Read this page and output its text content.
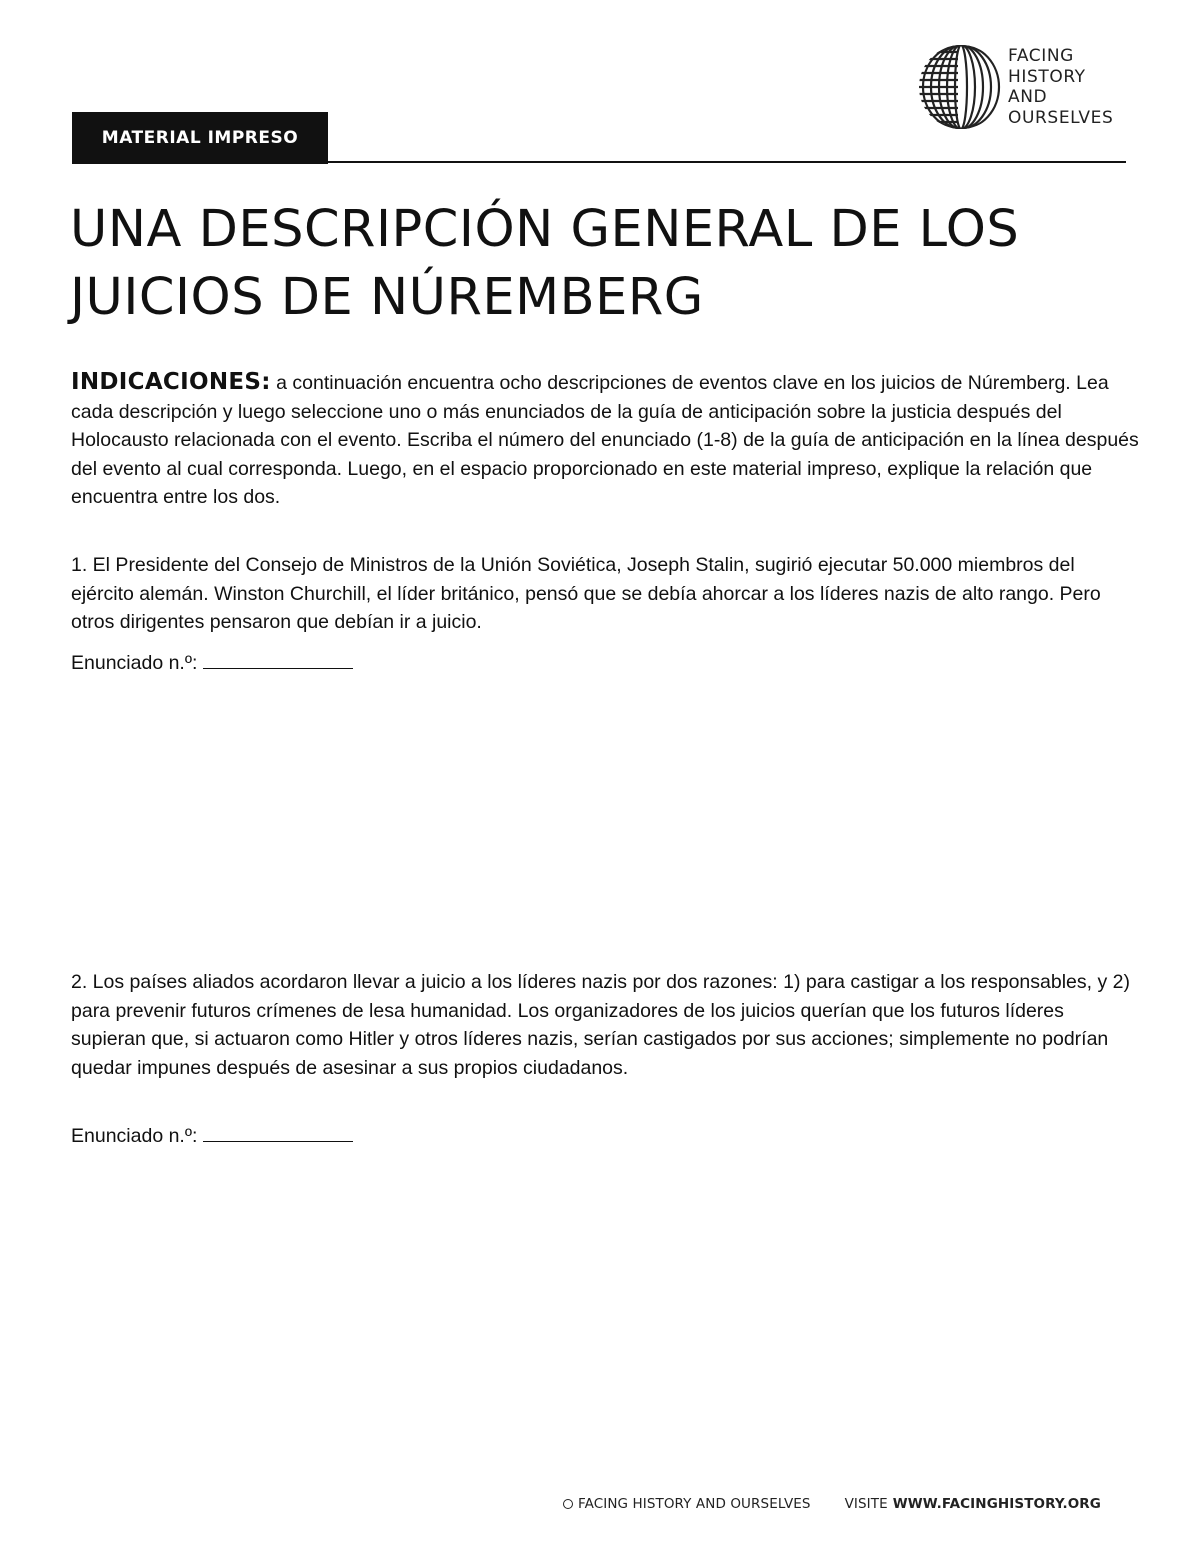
MATERIAL IMPRESO
FACING
HISTORY
AND
OURSELVES
UNA DESCRIPCIÓN GENERAL DE LOS
JUICIOS DE NÚREMBERG

INDICACIONES: a continuación encuentra ocho descripciones de eventos clave en los juicios de Núremberg. Lea cada descripción y luego seleccione uno o más enunciados de la guía de anticipación sobre la justicia después del Holocausto relacionada con el evento. Escriba el número del enunciado (1-8) de la guía de anticipación en la línea después del evento al cual corresponda. Luego, en el espacio proporcionado en este material impreso, explique la relación que encuentra entre los dos.

1. El Presidente del Consejo de Ministros de la Unión Soviética, Joseph Stalin, sugirió ejecutar 50.000 miembros del ejército alemán. Winston Churchill, el líder británico, pensó que se debía ahorcar a los líderes nazis de alto rango. Pero otros dirigentes pensaron que debían ir a juicio.

Enunciado n.º:

2. Los países aliados acordaron llevar a juicio a los líderes nazis por dos razones: 1) para castigar a los responsables, y 2) para prevenir futuros crímenes de lesa humanidad. Los organizadores de los juicios querían que los futuros líderes supieran que, si actuaron como Hitler y otros líderes nazis, serían castigados por sus acciones; simplemente no podrían quedar impunes después de asesinar a sus propios ciudadanos.

Enunciado n.º:
FACING HISTORY AND OURSELVES	VISITE WWW.FACINGHISTORY.ORG
